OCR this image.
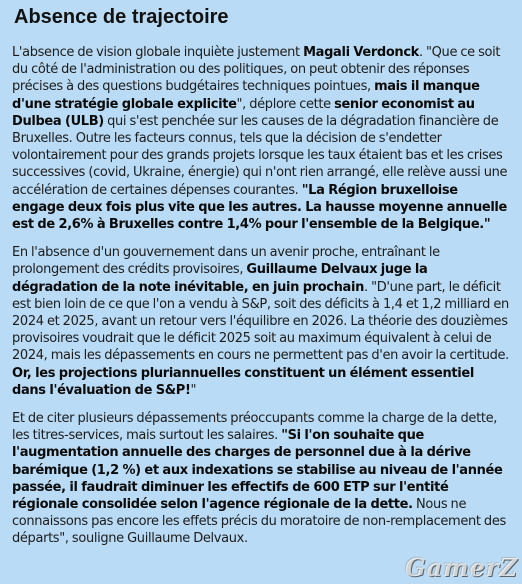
Absence de trajectoire

L'absence de vision globale inquiète justement Magali Verdonck. "Que ce soit du côté de l'administration ou des politiques, on peut obtenir des réponses précises à des questions budgétaires techniques pointues, mais il manque d'une stratégie globale explicite", déplore cette senior economist au Dulbea (ULB) qui s'est penchée sur les causes de la dégradation financière de Bruxelles. Outre les facteurs connus, tels que la décision de s'endetter volontairement pour des grands projets lorsque les taux étaient bas et les crises successives (covid, Ukraine, énergie) qui n'ont rien arrangé, elle relève aussi une accélération de certaines dépenses courantes. "La Région bruxelloise engage deux fois plus vite que les autres. La hausse moyenne annuelle est de 2,6% à Bruxelles contre 1,4% pour l'ensemble de la Belgique."

En l'absence d'un gouvernement dans un avenir proche, entraînant le prolongement des crédits provisoires, Guillaume Delvaux juge la dégradation de la note inévitable, en juin prochain. "D'une part, le déficit est bien loin de ce que l'on a vendu à S&P, soit des déficits à 1,4 et 1,2 milliard en 2024 et 2025, avant un retour vers l'équilibre en 2026. La théorie des douzièmes provisoires voudrait que le déficit 2025 soit au maximum équivalent à celui de 2024, mais les dépassements en cours ne permettent pas d'en avoir la certitude. Or, les projections pluriannuelles constituent un élément essentiel dans l'évaluation de S&P!"

Et de citer plusieurs dépassements préoccupants comme la charge de la dette, les titres-services, mais surtout les salaires. "Si l'on souhaite que l'augmentation annuelle des charges de personnel due à la dérive barémique (1,2 %) et aux indexations se stabilise au niveau de l'année passée, il faudrait diminuer les effectifs de 600 ETP sur l'entité régionale consolidée selon l'agence régionale de la dette. Nous ne connaissons pas encore les effets précis du moratoire de non-remplacement des départs", souligne Guillaume Delvaux.

GamerZ
